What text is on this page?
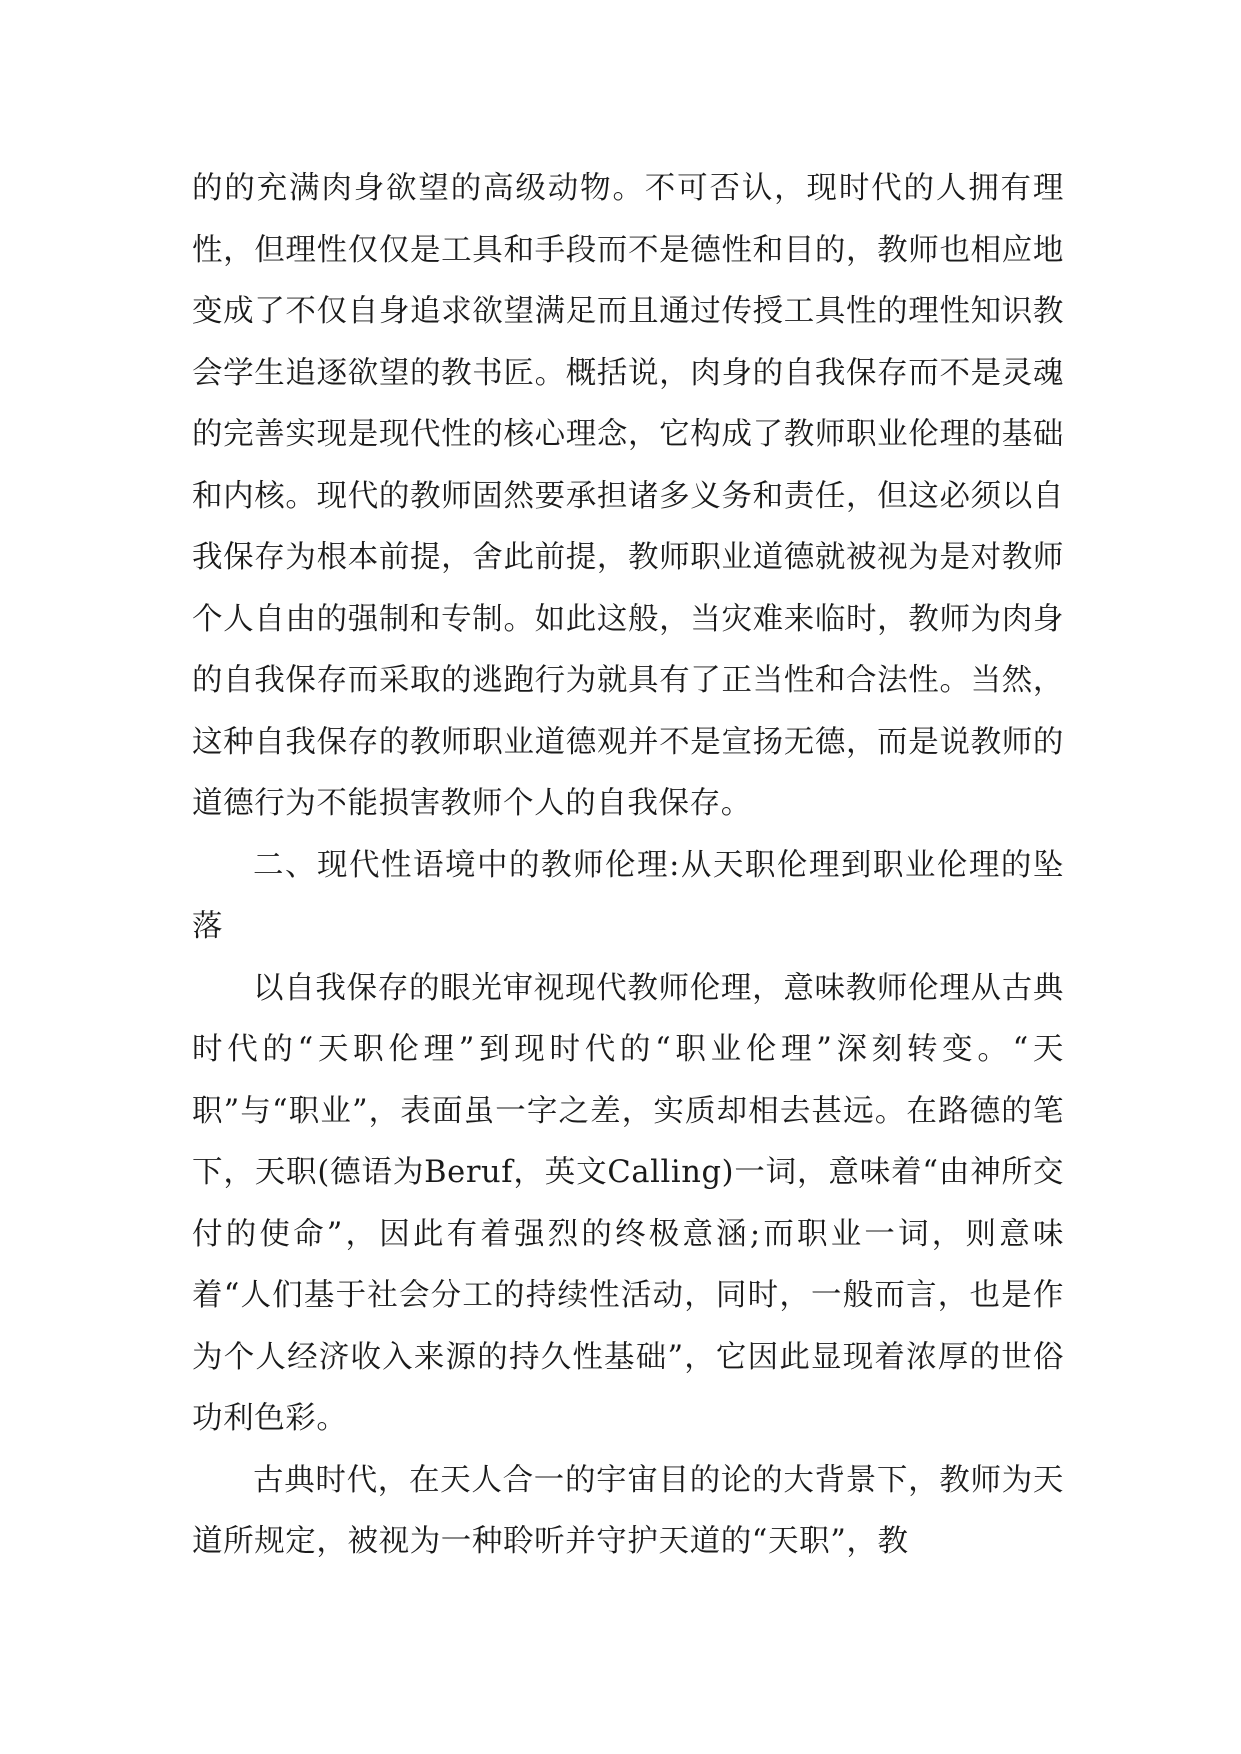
的的充满肉身欲望的高级动物。不可否认，现时代的人拥有理性，但理性仅仅是工具和手段而不是德性和目的，教师也相应地变成了不仅自身追求欲望满足而且通过传授工具性的理性知识教会学生追逐欲望的教书匠。概括说，肉身的自我保存而不是灵魂的完善实现是现代性的核心理念，它构成了教师职业伦理的基础和内核。现代的教师固然要承担诸多义务和责任，但这必须以自我保存为根本前提，舍此前提，教师职业道德就被视为是对教师个人自由的强制和专制。如此这般，当灾难来临时，教师为肉身的自我保存而采取的逃跑行为就具有了正当性和合法性。当然，这种自我保存的教师职业道德观并不是宣扬无德，而是说教师的道德行为不能损害教师个人的自我保存。

二、现代性语境中的教师伦理:从天职伦理到职业伦理的坠落

以自我保存的眼光审视现代教师伦理，意味教师伦理从古典时代的“天职伦理”到现时代的“职业伦理”深刻转变。“天职”与“职业”，表面虽一字之差，实质却相去甚远。在路德的笔下，天职(德语为Beruf，英文Calling)一词，意味着“由神所交付的使命”，因此有着强烈的终极意涵;而职业一词，则意味着“人们基于社会分工的持续性活动，同时，一般而言，也是作为个人经济收入来源的持久性基础”，它因此显现着浓厚的世俗功利色彩。

古典时代，在天人合一的宇宙目的论的大背景下，教师为天道所规定，被视为一种聆听并守护天道的“天职”，教
